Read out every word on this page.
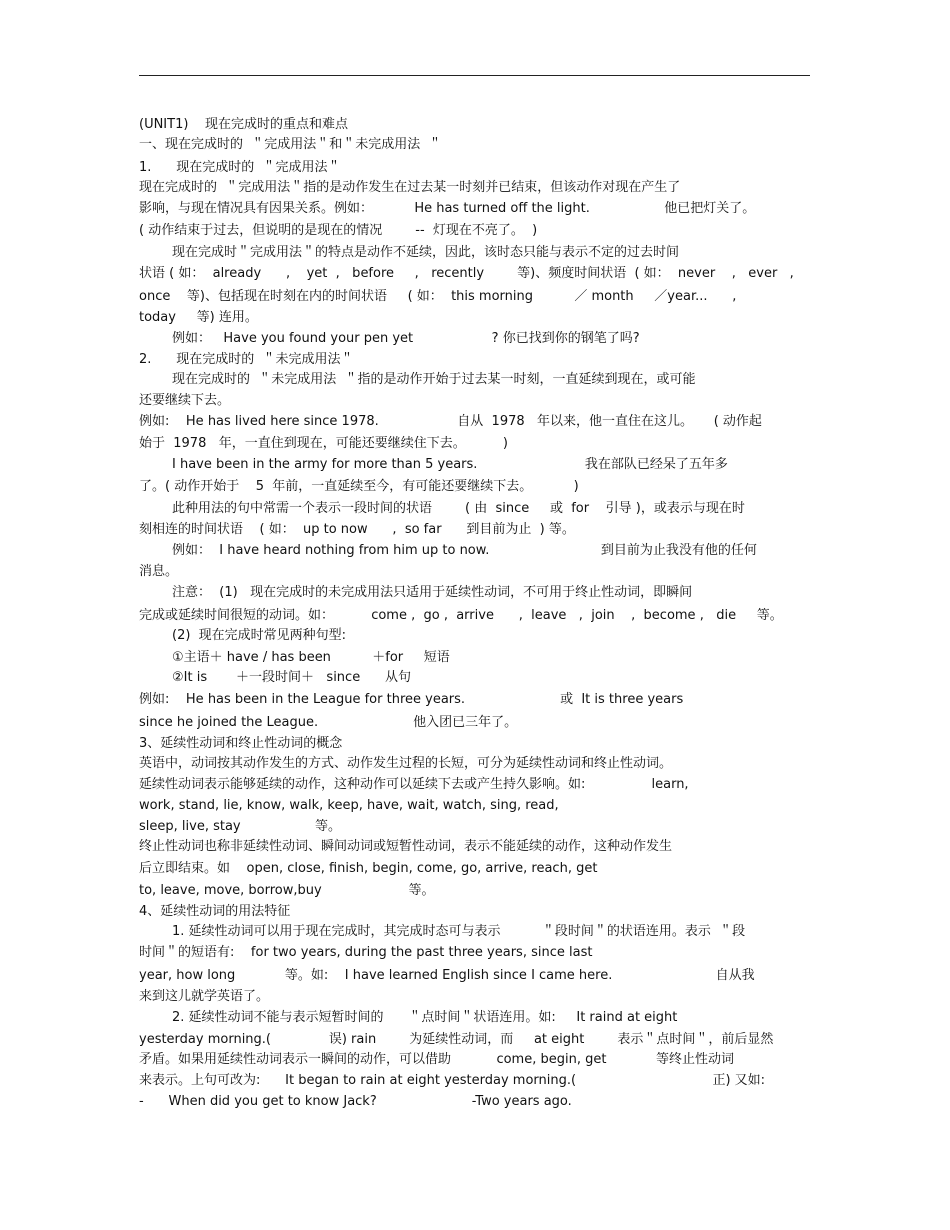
(UNIT1)    现在完成时的重点和难点
一、现在完成时的  ＂完成用法＂和＂未完成用法  ＂
1.      现在完成时的  ＂完成用法＂
现在完成时的  ＂完成用法＂指的是动作发生在过去某一时刻并已结束，但该动作对现在产生了
影响，与现在情况具有因果关系。例如：          He has turned off the light.                  他已把灯关了。
( 动作结束于过去，但说明的是现在的情况        --  灯现在不亮了。  )
现在完成时＂完成用法＂的特点是动作不延续，因此，该时态只能与表示不定的过去时间
状语 ( 如：  already      ,    yet  ,   before     ,   recently        等)、频度时间状语  ( 如：  never    ,   ever   ,
once    等)、包括现在时刻在内的时间状语     ( 如：  this morning          ／ month     ／year...      ,
today     等) 连用。
例如：   Have you found your pen yet                   ? 你已找到你的钢笔了吗?
2.      现在完成时的  ＂未完成用法＂
现在完成时的  ＂未完成用法  ＂指的是动作开始于过去某一时刻，一直延续到现在，或可能
还要继续下去。
例如:    He has lived here since 1978.                   自从  1978   年以来，他一直住在这儿。     ( 动作起
始于  1978   年，一直住到现在，可能还要继续住下去。         )
I have been in the army for more than 5 years.                          我在部队已经呆了五年多
了。( 动作开始于    5  年前，一直延续至今，有可能还要继续下去。          )
此种用法的句中常需一个表示一段时间的状语        ( 由  since     或  for    引导 )，或表示与现在时
刻相连的时间状语    ( 如：  up to now      ,  so far      到目前为止  ) 等。
例如：  I have heard nothing from him up to now.                           到目前为止我没有他的任何
消息。
注意：  (1)   现在完成时的未完成用法只适用于延续性动词，不可用于终止性动词，即瞬间
完成或延续时间很短的动词。如：         come ,  go ,  arrive      ,  leave   ,  join    ,  become ,   die     等。
(2)  现在完成时常见两种句型:
①主语＋ have / has been          ＋for     短语
②It is       ＋一段时间＋   since      从句
例如:    He has been in the League for three years.                       或  It is three years
since he joined the League.                       他入团已三年了。
3、延续性动词和终止性动词的概念
英语中，动词按其动作发生的方式、动作发生过程的长短，可分为延续性动词和终止性动词。
延续性动词表示能够延续的动作，这种动作可以延续下去或产生持久影响。如:                learn,
work, stand, lie, know, walk, keep, have, wait, watch, sing, read,
sleep, live, stay                  等。
终止性动词也称非延续性动词、瞬间动词或短暂性动词，表示不能延续的动作，这种动作发生
后立即结束。如    open, close, finish, begin, come, go, arrive, reach, get
to, leave, move, borrow,buy                     等。
4、延续性动词的用法特征
1. 延续性动词可以用于现在完成时，其完成时态可与表示          ＂段时间＂的状语连用。表示  ＂段
时间＂的短语有:    for two years, during the past three years, since last
year, how long            等。如:    I have learned English since I came here.                         自从我
来到这儿就学英语了。
2. 延续性动词不能与表示短暂时间的      ＂点时间＂状语连用。如:     It raind at eight
yesterday morning.(              误) rain        为延续性动词，而     at eight        表示＂点时间＂，前后显然
矛盾。如果用延续性动词表示一瞬间的动作，可以借助           come, begin, get            等终止性动词
来表示。上句可改为:      It began to rain at eight yesterday morning.(                                 正) 又如:
-      When did you get to know Jack?                       -Two years ago.
